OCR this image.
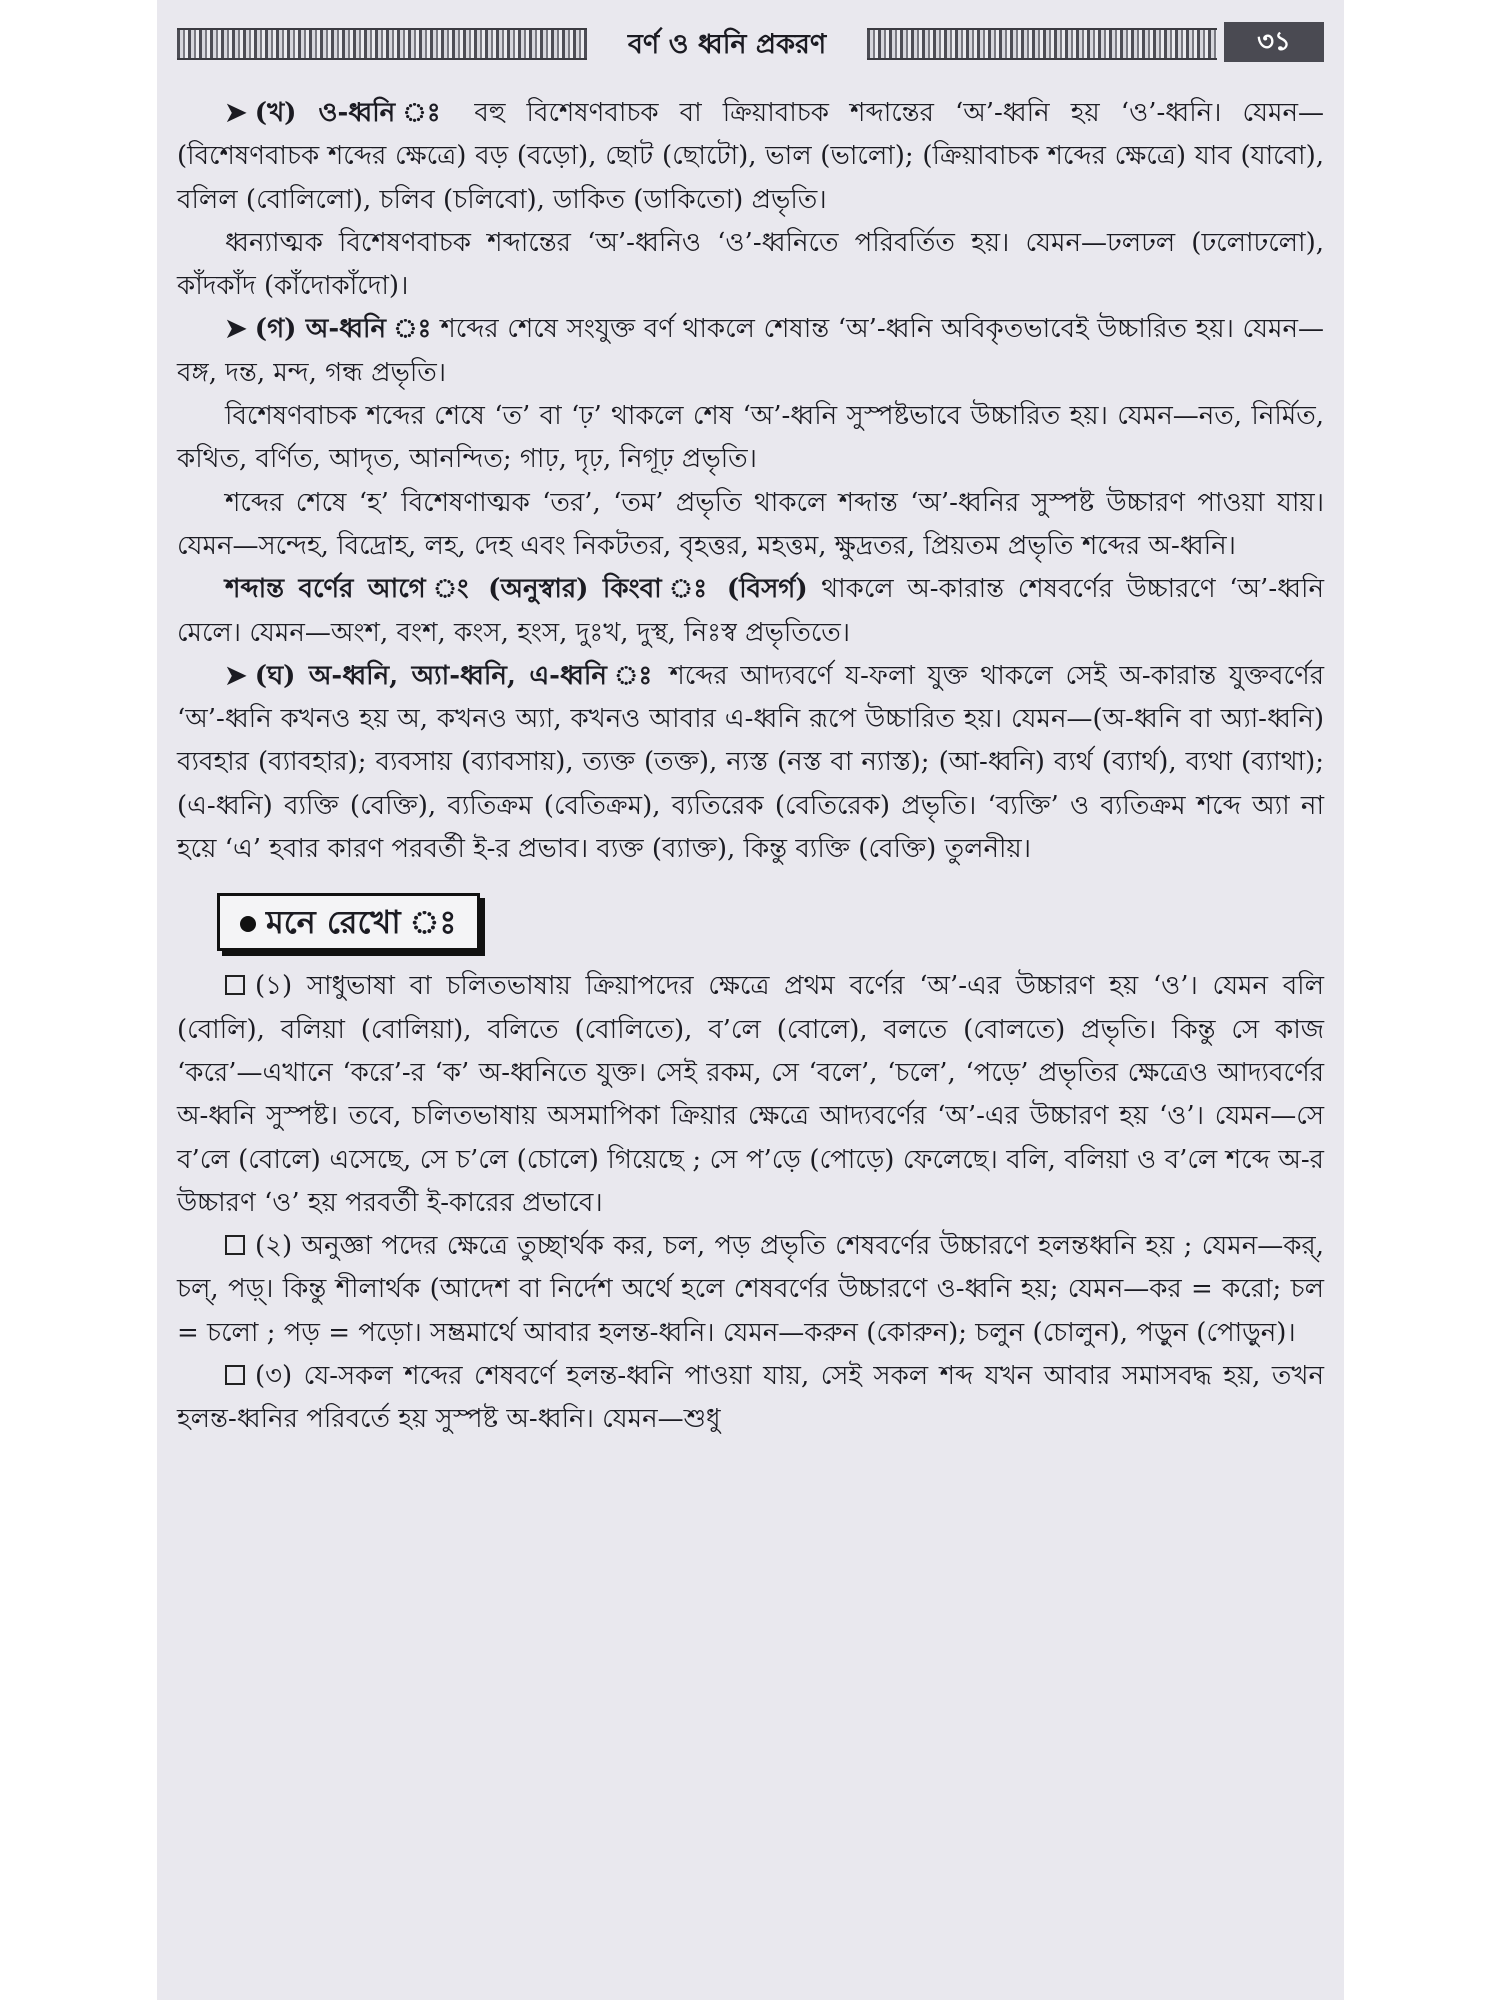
বর্ণ ও ধ্বনি প্রকরণ	৩১

➤ (খ) ও-ধ্বনি ঃ বহু বিশেষণবাচক বা ক্রিয়াবাচক শব্দান্তের ‘অ’-ধ্বনি হয় ‘ও’-ধ্বনি। যেমন—(বিশেষণবাচক শব্দের ক্ষেত্রে) বড় (বড়ো), ছোট (ছোটো), ভাল (ভালো); (ক্রিয়াবাচক শব্দের ক্ষেত্রে) যাব (যাবো), বলিল (বোলিলো), চলিব (চলিবো), ডাকিত (ডাকিতো) প্রভৃতি।

ধ্বন্যাত্মক বিশেষণবাচক শব্দান্তের ‘অ’-ধ্বনিও ‘ও’-ধ্বনিতে পরিবর্তিত হয়। যেমন—ঢলঢল (ঢলোঢলো), কাঁদকাঁদ (কাঁদোকাঁদো)।

➤ (গ) অ-ধ্বনি ঃ শব্দের শেষে সংযুক্ত বর্ণ থাকলে শেষান্ত ‘অ’-ধ্বনি অবিকৃতভাবেই উচ্চারিত হয়। যেমন—বঙ্গ, দন্ত, মন্দ, গন্ধ প্রভৃতি।

বিশেষণবাচক শব্দের শেষে ‘ত’ বা ‘ঢ়’ থাকলে শেষ ‘অ’-ধ্বনি সুস্পষ্টভাবে উচ্চারিত হয়। যেমন—নত, নির্মিত, কথিত, বর্ণিত, আদৃত, আনন্দিত; গাঢ়, দৃঢ়, নিগূঢ় প্রভৃতি।

শব্দের শেষে ‘হ’ বিশেষণাত্মক ‘তর’, ‘তম’ প্রভৃতি থাকলে শব্দান্ত ‘অ’-ধ্বনির সুস্পষ্ট উচ্চারণ পাওয়া যায়। যেমন—সন্দেহ, বিদ্রোহ, লহ, দেহ এবং নিকটতর, বৃহত্তর, মহত্তম, ক্ষুদ্রতর, প্রিয়তম প্রভৃতি শব্দের অ-ধ্বনি।

শব্দান্ত বর্ণের আগে ং (অনুস্বার) কিংবা ঃ (বিসর্গ) থাকলে অ-কারান্ত শেষবর্ণের উচ্চারণে ‘অ’-ধ্বনি মেলে। যেমন—অংশ, বংশ, কংস, হংস, দুঃখ, দুস্থ, নিঃস্ব প্রভৃতিতে।

➤ (ঘ) অ-ধ্বনি, অ্যা-ধ্বনি, এ-ধ্বনি ঃ শব্দের আদ্যবর্ণে য-ফলা যুক্ত থাকলে সেই অ-কারান্ত যুক্তবর্ণের ‘অ’-ধ্বনি কখনও হয় অ, কখনও অ্যা, কখনও আবার এ-ধ্বনি রূপে উচ্চারিত হয়। যেমন—(অ-ধ্বনি বা অ্যা-ধ্বনি) ব্যবহার (ব্যাবহার); ব্যবসায় (ব্যাবসায়), ত্যক্ত (তক্ত), ন্যস্ত (নস্ত বা ন্যাস্ত); (আ-ধ্বনি) ব্যর্থ (ব্যার্থ), ব্যথা (ব্যাথা); (এ-ধ্বনি) ব্যক্তি (বেক্তি), ব্যতিক্রম (বেতিক্রম), ব্যতিরেক (বেতিরেক) প্রভৃতি। ‘ব্যক্তি’ ও ব্যতিক্রম শব্দে অ্যা না হয়ে ‘এ’ হবার কারণ পরবর্তী ই-র প্রভাব। ব্যক্ত (ব্যাক্ত), কিন্তু ব্যক্তি (বেক্তি) তুলনীয়।

মনে রেখো ঃ

(১) সাধুভাষা বা চলিতভাষায় ক্রিয়াপদের ক্ষেত্রে প্রথম বর্ণের ‘অ’-এর উচ্চারণ হয় ‘ও’। যেমন বলি (বোলি), বলিয়া (বোলিয়া), বলিতে (বোলিতে), ব’লে (বোলে), বলতে (বোলতে) প্রভৃতি। কিন্তু সে কাজ ‘করে’—এখানে ‘করে’-র ‘ক’ অ-ধ্বনিতে যুক্ত। সেই রকম, সে ‘বলে’, ‘চলে’, ‘পড়ে’ প্রভৃতির ক্ষেত্রেও আদ্যবর্ণের অ-ধ্বনি সুস্পষ্ট। তবে, চলিতভাষায় অসমাপিকা ক্রিয়ার ক্ষেত্রে আদ্যবর্ণের ‘অ’-এর উচ্চারণ হয় ‘ও’। যেমন—সে ব’লে (বোলে) এসেছে, সে চ’লে (চোলে) গিয়েছে ; সে প’ড়ে (পোড়ে) ফেলেছে। বলি, বলিয়া ও ব’লে শব্দে অ-র উচ্চারণ ‘ও’ হয় পরবর্তী ই-কারের প্রভাবে।

(২) অনুজ্ঞা পদের ক্ষেত্রে তুচ্ছার্থক কর, চল, পড় প্রভৃতি শেষবর্ণের উচ্চারণে হলন্তধ্বনি হয় ; যেমন—কর্, চল্, পড়্। কিন্তু শীলার্থক (আদেশ বা নির্দেশ অর্থে হলে শেষবর্ণের উচ্চারণে ও-ধ্বনি হয়; যেমন—কর = করো; চল = চলো ; পড় = পড়ো। সম্ভ্রমার্থে আবার হলন্ত-ধ্বনি। যেমন—করুন (কোরুন); চলুন (চোলুন), পড়ুন (পোড়ুন)।

(৩) যে-সকল শব্দের শেষবর্ণে হলন্ত-ধ্বনি পাওয়া যায়, সেই সকল শব্দ যখন আবার সমাসবদ্ধ হয়, তখন হলন্ত-ধ্বনির পরিবর্তে হয় সুস্পষ্ট অ-ধ্বনি। যেমন—শুধু
